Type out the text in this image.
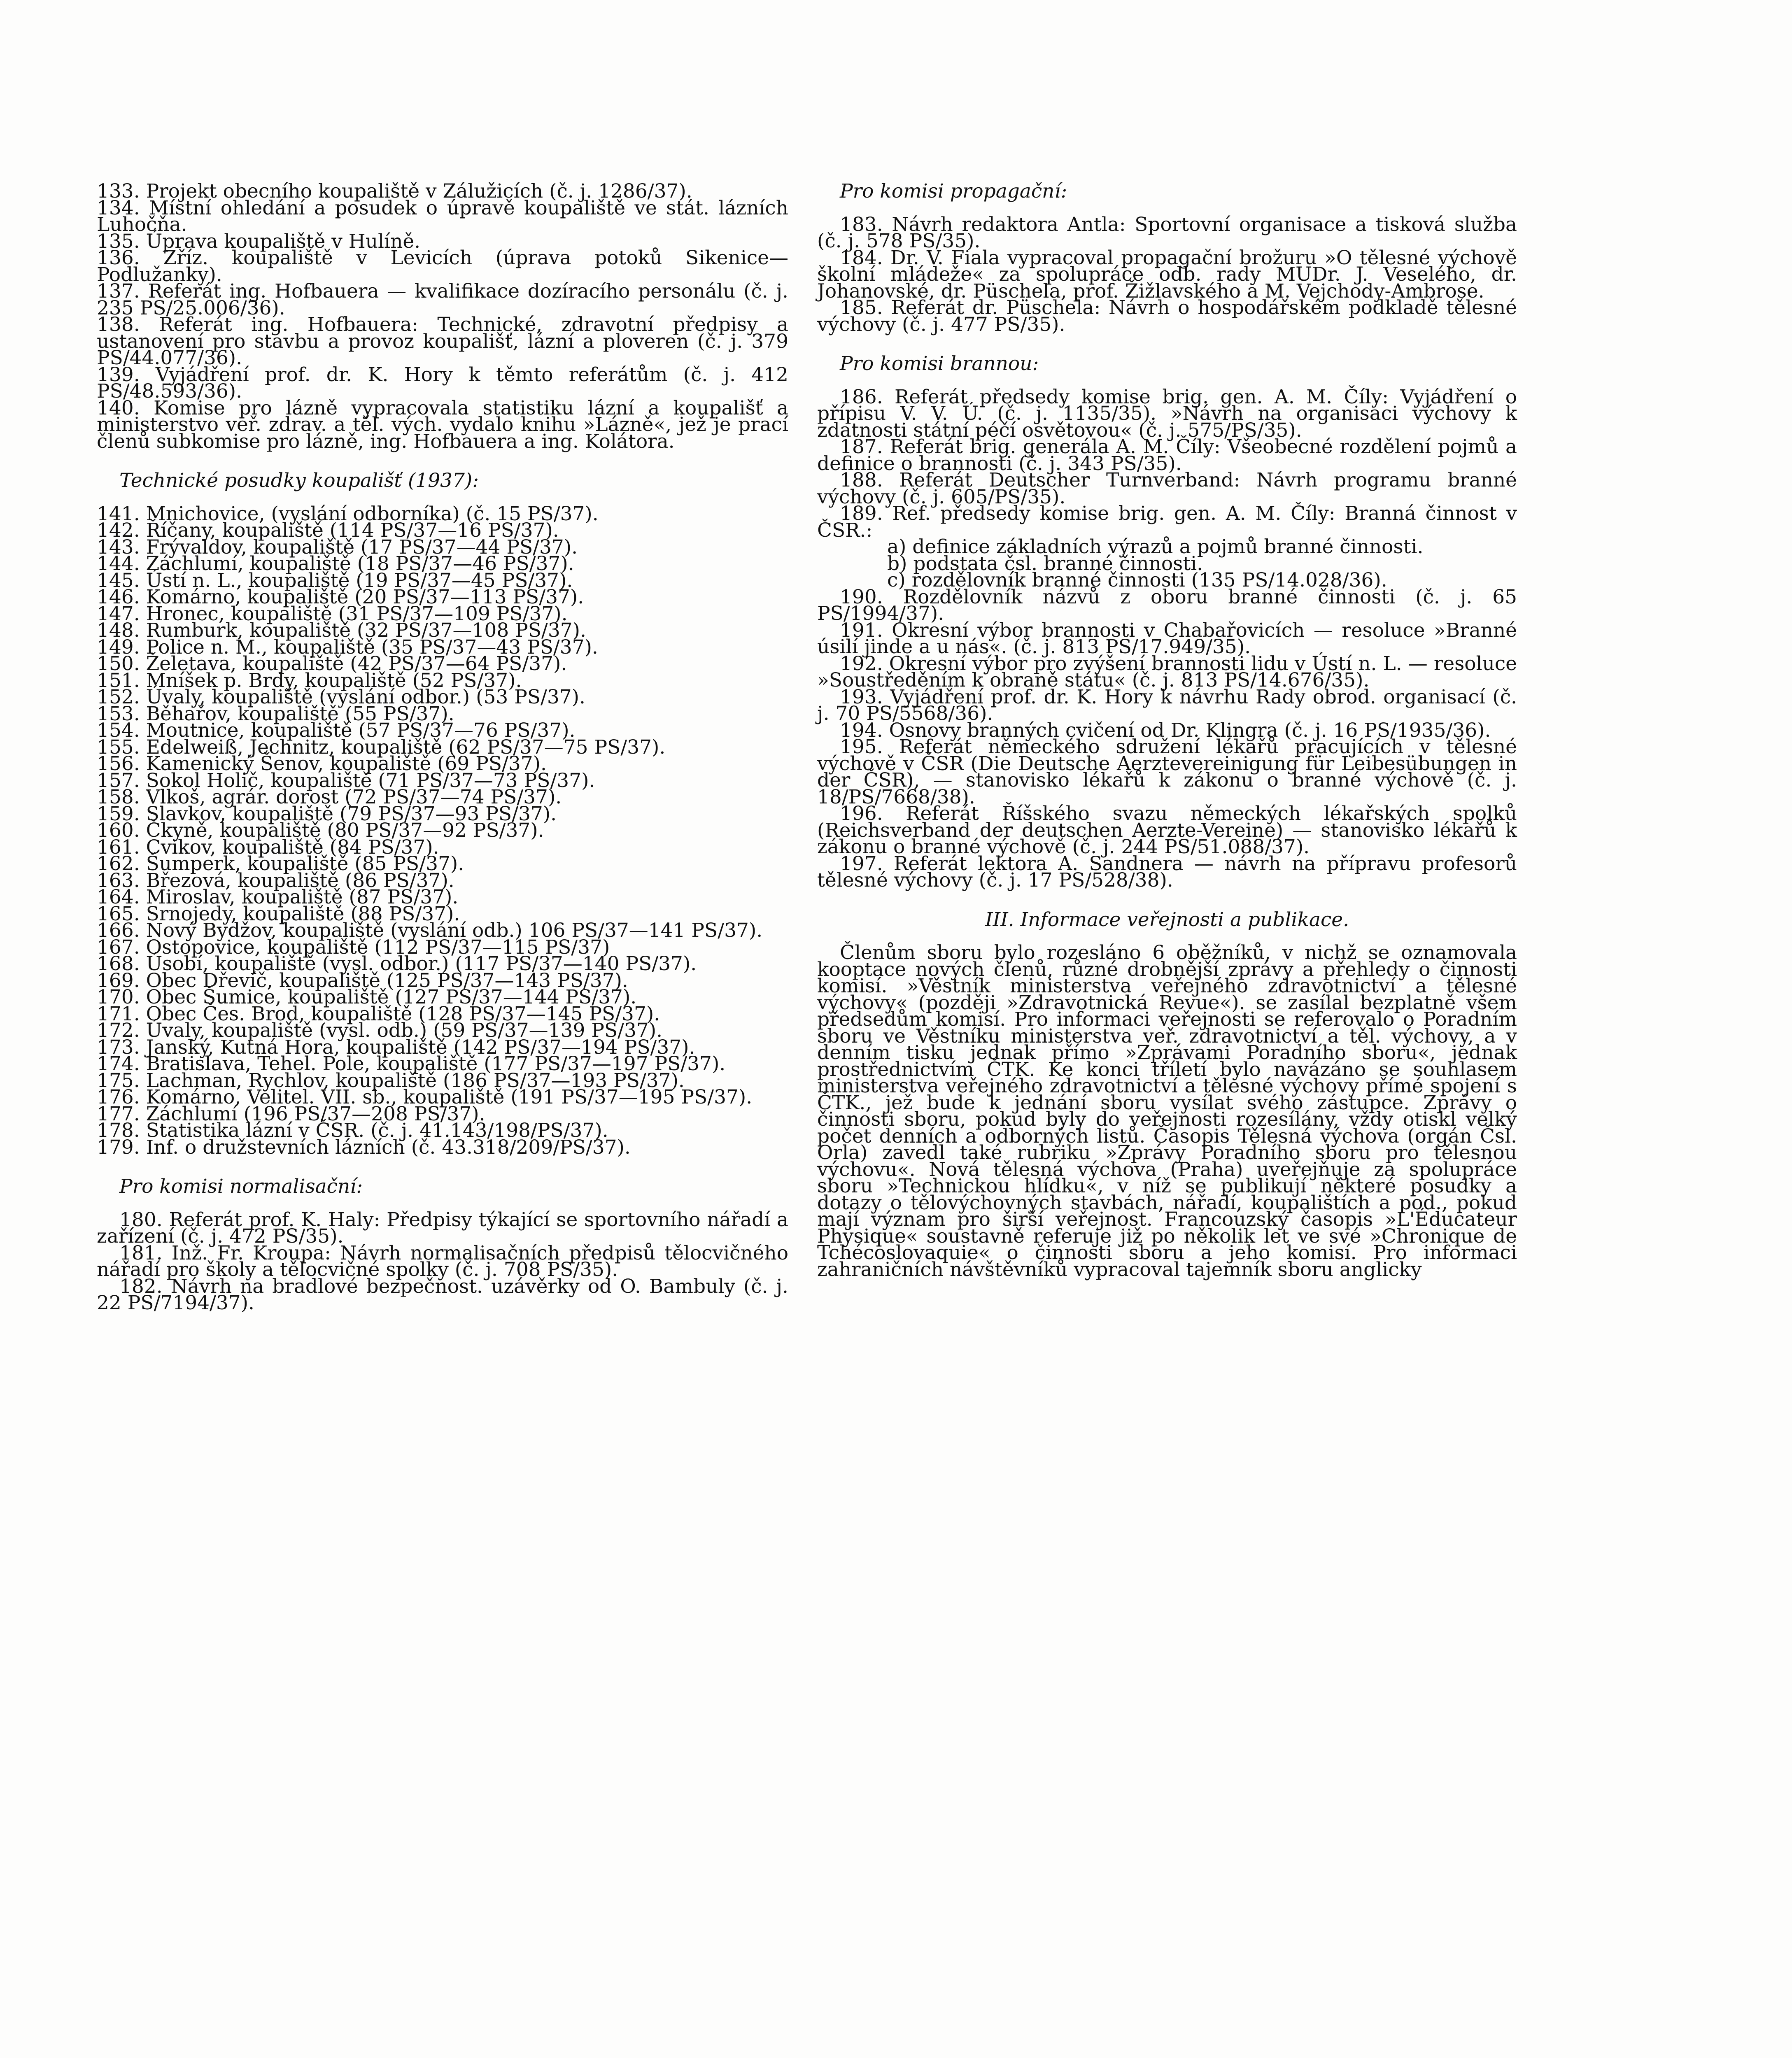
133. Projekt obecního koupaliště v Zálužicích (č. j. 1286/37).

134. Místní ohledání a posudek o úpravě koupaliště ve stát. lázních Luhočňa.

135. Úprava koupaliště v Hulíně.

136. Zříz. koupaliště v Levicích (úprava potoků Sikenice—Podlužanky).

137. Referát ing. Hofbauera — kvalifikace dozíracího personálu (č. j. 235 PS/25.006/36).

138. Referát ing. Hofbauera: Technické, zdravotní předpisy a ustanovení pro stavbu a provoz koupališť, lázní a ploveren (č. j. 379 PS/44.077/36).

139. Vyjádření prof. dr. K. Hory k těmto referátům (č. j. 412 PS/48.593/36).

140. Komise pro lázně vypracovala statistiku lázní a koupališť a ministerstvo veř. zdrav. a těl. vých. vydalo knihu »Lázně«, jež je prací členů subkomise pro lázně, ing. Hofbauera a ing. Kolátora.

Technické posudky koupališť (1937):

141. Mnichovice, (vyslání odborníka) (č. 15 PS/37).

142. Říčany, koupaliště (114 PS/37—16 PS/37).

143. Frývaldov, koupaliště (17 PS/37—44 PS/37).

144. Záchlumí, koupaliště (18 PS/37—46 PS/37).

145. Ústí n. L., koupaliště (19 PS/37—45 PS/37).

146. Komárno, koupaliště (20 PS/37—113 PS/37).

147. Hronec, koupaliště (31 PS/37—109 PS/37).

148. Rumburk, koupaliště (32 PS/37—108 PS/37).

149. Police n. M., koupaliště (35 PS/37—43 PS/37).

150. Želetava, koupaliště (42 PS/37—64 PS/37).

151. Mníšek p. Brdy, koupaliště (52 PS/37).

152. Úvaly, koupaliště (vyslání odbor.) (53 PS/37).

153. Běhařov, koupaliště (55 PS/37).

154. Moutnice, koupaliště (57 PS/37—76 PS/37).

155. Edelweiß, Jechnitz, koupaliště (62 PS/37—75 PS/37).

156. Kamenický Šenov, koupaliště (69 PS/37).

157. Sokol Holič, koupaliště (71 PS/37—73 PS/37).

158. Vlkoš, agrár. dorost (72 PS/37—74 PS/37).

159. Slavkov, koupaliště (79 PS/37—93 PS/37).

160. Čkyně, koupaliště (80 PS/37—92 PS/37).

161. Cvikov, koupaliště (84 PS/37).

162. Šumperk, koupaliště (85 PS/37).

163. Březová, koupaliště (86 PS/37).

164. Miroslav, koupaliště (87 PS/37).

165. Srnojedy, koupaliště (88 PS/37).

166. Nový Bydžov, koupaliště (vyslání odb.) 106 PS/37—141 PS/37).

167. Ostopovice, koupaliště (112 PS/37—115 PS/37)

168. Úsobí, koupaliště (vysl. odbor.) (117 PS/37—140 PS/37).

169. Obec Dřevíč, koupaliště (125 PS/37—143 PS/37).

170. Obec Šumice, koupaliště (127 PS/37—144 PS/37).

171. Obec Čes. Brod, koupaliště (128 PS/37—145 PS/37).

172. Úvaly, koupaliště (vysl. odb.) (59 PS/37—139 PS/37).

173. Janský, Kutná Hora, koupaliště (142 PS/37—194 PS/37).

174. Bratislava, Tehel. Pole, koupaliště (177 PS/37—197 PS/37).

175. Lachman, Rychlov, koupaliště (186 PS/37—193 PS/37).

176. Komárno, Velitel. VII. sb., koupaliště (191 PS/37—195 PS/37).

177. Záchlumí (196 PS/37—208 PS/37).

178. Statistika lázní v ČSR. (č. j. 41.143/198/PS/37).

179. Inf. o družstevních lázních (č. 43.318/209/PS/37).

Pro komisi normalisační:

180. Referát prof. K. Haly: Předpisy týkající se sportovního nářadí a zařízení (č. j. 472 PS/35).

181. Inž. Fr. Kroupa: Návrh normalisačních předpisů tělocvičného nářadí pro školy a tělocvičné spolky (č. j. 708 PS/35).

182. Návrh na bradlové bezpečnost. uzávěrky od O. Bambuly (č. j. 22 PS/7194/37).

Pro komisi propagační:

183. Návrh redaktora Antla: Sportovní organisace a tisková služba (č. j. 578 PS/35).

184. Dr. V. Fiala vypracoval propagační brožuru »O tělesné výchově školní mládeže« za spolupráce odb. rady MUDr. J. Veselého, dr. Johanovské, dr. Püschela, prof. Žižlavského a M. Vejchody-Ambrose.

185. Referát dr. Püschela: Návrh o hospodářském podkladě tělesné výchovy (č. j. 477 PS/35).

Pro komisi brannou:

186. Referát předsedy komise brig. gen. A. M. Číly: Vyjádření o přípisu V. V. Ú. (č. j. 1135/35). »Návrh na organisaci výchovy k zdatnosti státní péčí osvětovou« (č. j. 575/PS/35).

187. Referát brig. generála A. M. Číly: Všeobecné rozdělení pojmů a definice o brannosti (č. j. 343 PS/35).

188. Referát Deutscher Turnverband: Návrh programu branné výchovy (č. j. 605/PS/35).

189. Ref. předsedy komise brig. gen. A. M. Číly: Branná činnost v ČSR.:

a) definice základních výrazů a pojmů branné činnosti.

b) podstata čsl. branné činnosti.

c) rozdělovník branné činnosti (135 PS/14.028/36).

190. Rozdělovník názvů z oboru branné činnosti (č. j. 65 PS/1994/37).

191. Okresní výbor brannosti v Chabařovicích — resoluce »Branné úsilí jinde a u nás«. (č. j. 813 PS/17.949/35).

192. Okresní výbor pro zvýšení brannosti lidu v Ústí n. L. — resoluce »Soustředěním k obraně státu« (č. j. 813 PS/14.676/35).

193. Vyjádření prof. dr. K. Hory k návrhu Rady obrod. organisací (č. j. 70 PS/5568/36).

194. Osnovy branných cvičení od Dr. Klingra (č. j. 16 PS/1935/36).

195. Referát německého sdružení lékařů pracujících v tělesné výchově v ČSR (Die Deutsche Aerztevereinigung für Leibesübungen in der ČSR), — stanovisko lékařů k zákonu o branné výchově (č. j. 18/PS/7668/38).

196. Referát Říšského svazu německých lékařských spolků (Reichsverband der deutschen Aerzte-Vereine) — stanovisko lékařů k zákonu o branné výchově (č. j. 244 PS/51.088/37).

197. Referát lektora A. Sandnera — návrh na přípravu profesorů tělesné výchovy (č. j. 17 PS/528/38).

III. Informace veřejnosti a publikace.

Členům sboru bylo rozesláno 6 oběžníků, v nichž se oznamovala kooptace nových členů, různé drobnější zprávy a přehledy o činnosti komisí. »Věstník ministerstva veřejného zdravotnictví a tělesné výchovy« (později »Zdravotnická Revue«). se zasílal bezplatně všem předsedům komisí. Pro informaci veřejnosti se referovalo o Poradním sboru ve Věstníku ministerstva veř. zdravotnictví a těl. výchovy, a v denním tisku jednak přímo »Zprávami Poradního sboru«, jednak prostřednictvím ČTK. Ke konci tříletí bylo navázáno se souhlasem ministerstva veřejného zdravotnictví a tělesné výchovy přímé spojení s ČTK., jež bude k jednání sboru vysílat svého zástupce. Zprávy o činnosti sboru, pokud byly do veřejnosti rozesílány, vždy otiskl velký počet denních a odborných listů. Časopis Tělesná výchova (orgán Čsl. Orla) zavedl také rubriku »Zprávy Poradního sboru pro tělesnou výchovu«. Nová tělesná výchova (Praha) uveřejňuje za spolupráce sboru »Technickou hlídku«, v níž se publikují některé posudky a dotazy o tělovýchovných stavbách, nářadí, koupalištích a pod., pokud mají význam pro širší veřejnost. Francouzský časopis »L'Éducateur Physique« soustavně referuje již po několik let ve své »Chronique de Tchécoslovaquie« o činnosti sboru a jeho komisí. Pro informaci zahraničních návštěvníků vypracoval tajemník sboru anglicky
